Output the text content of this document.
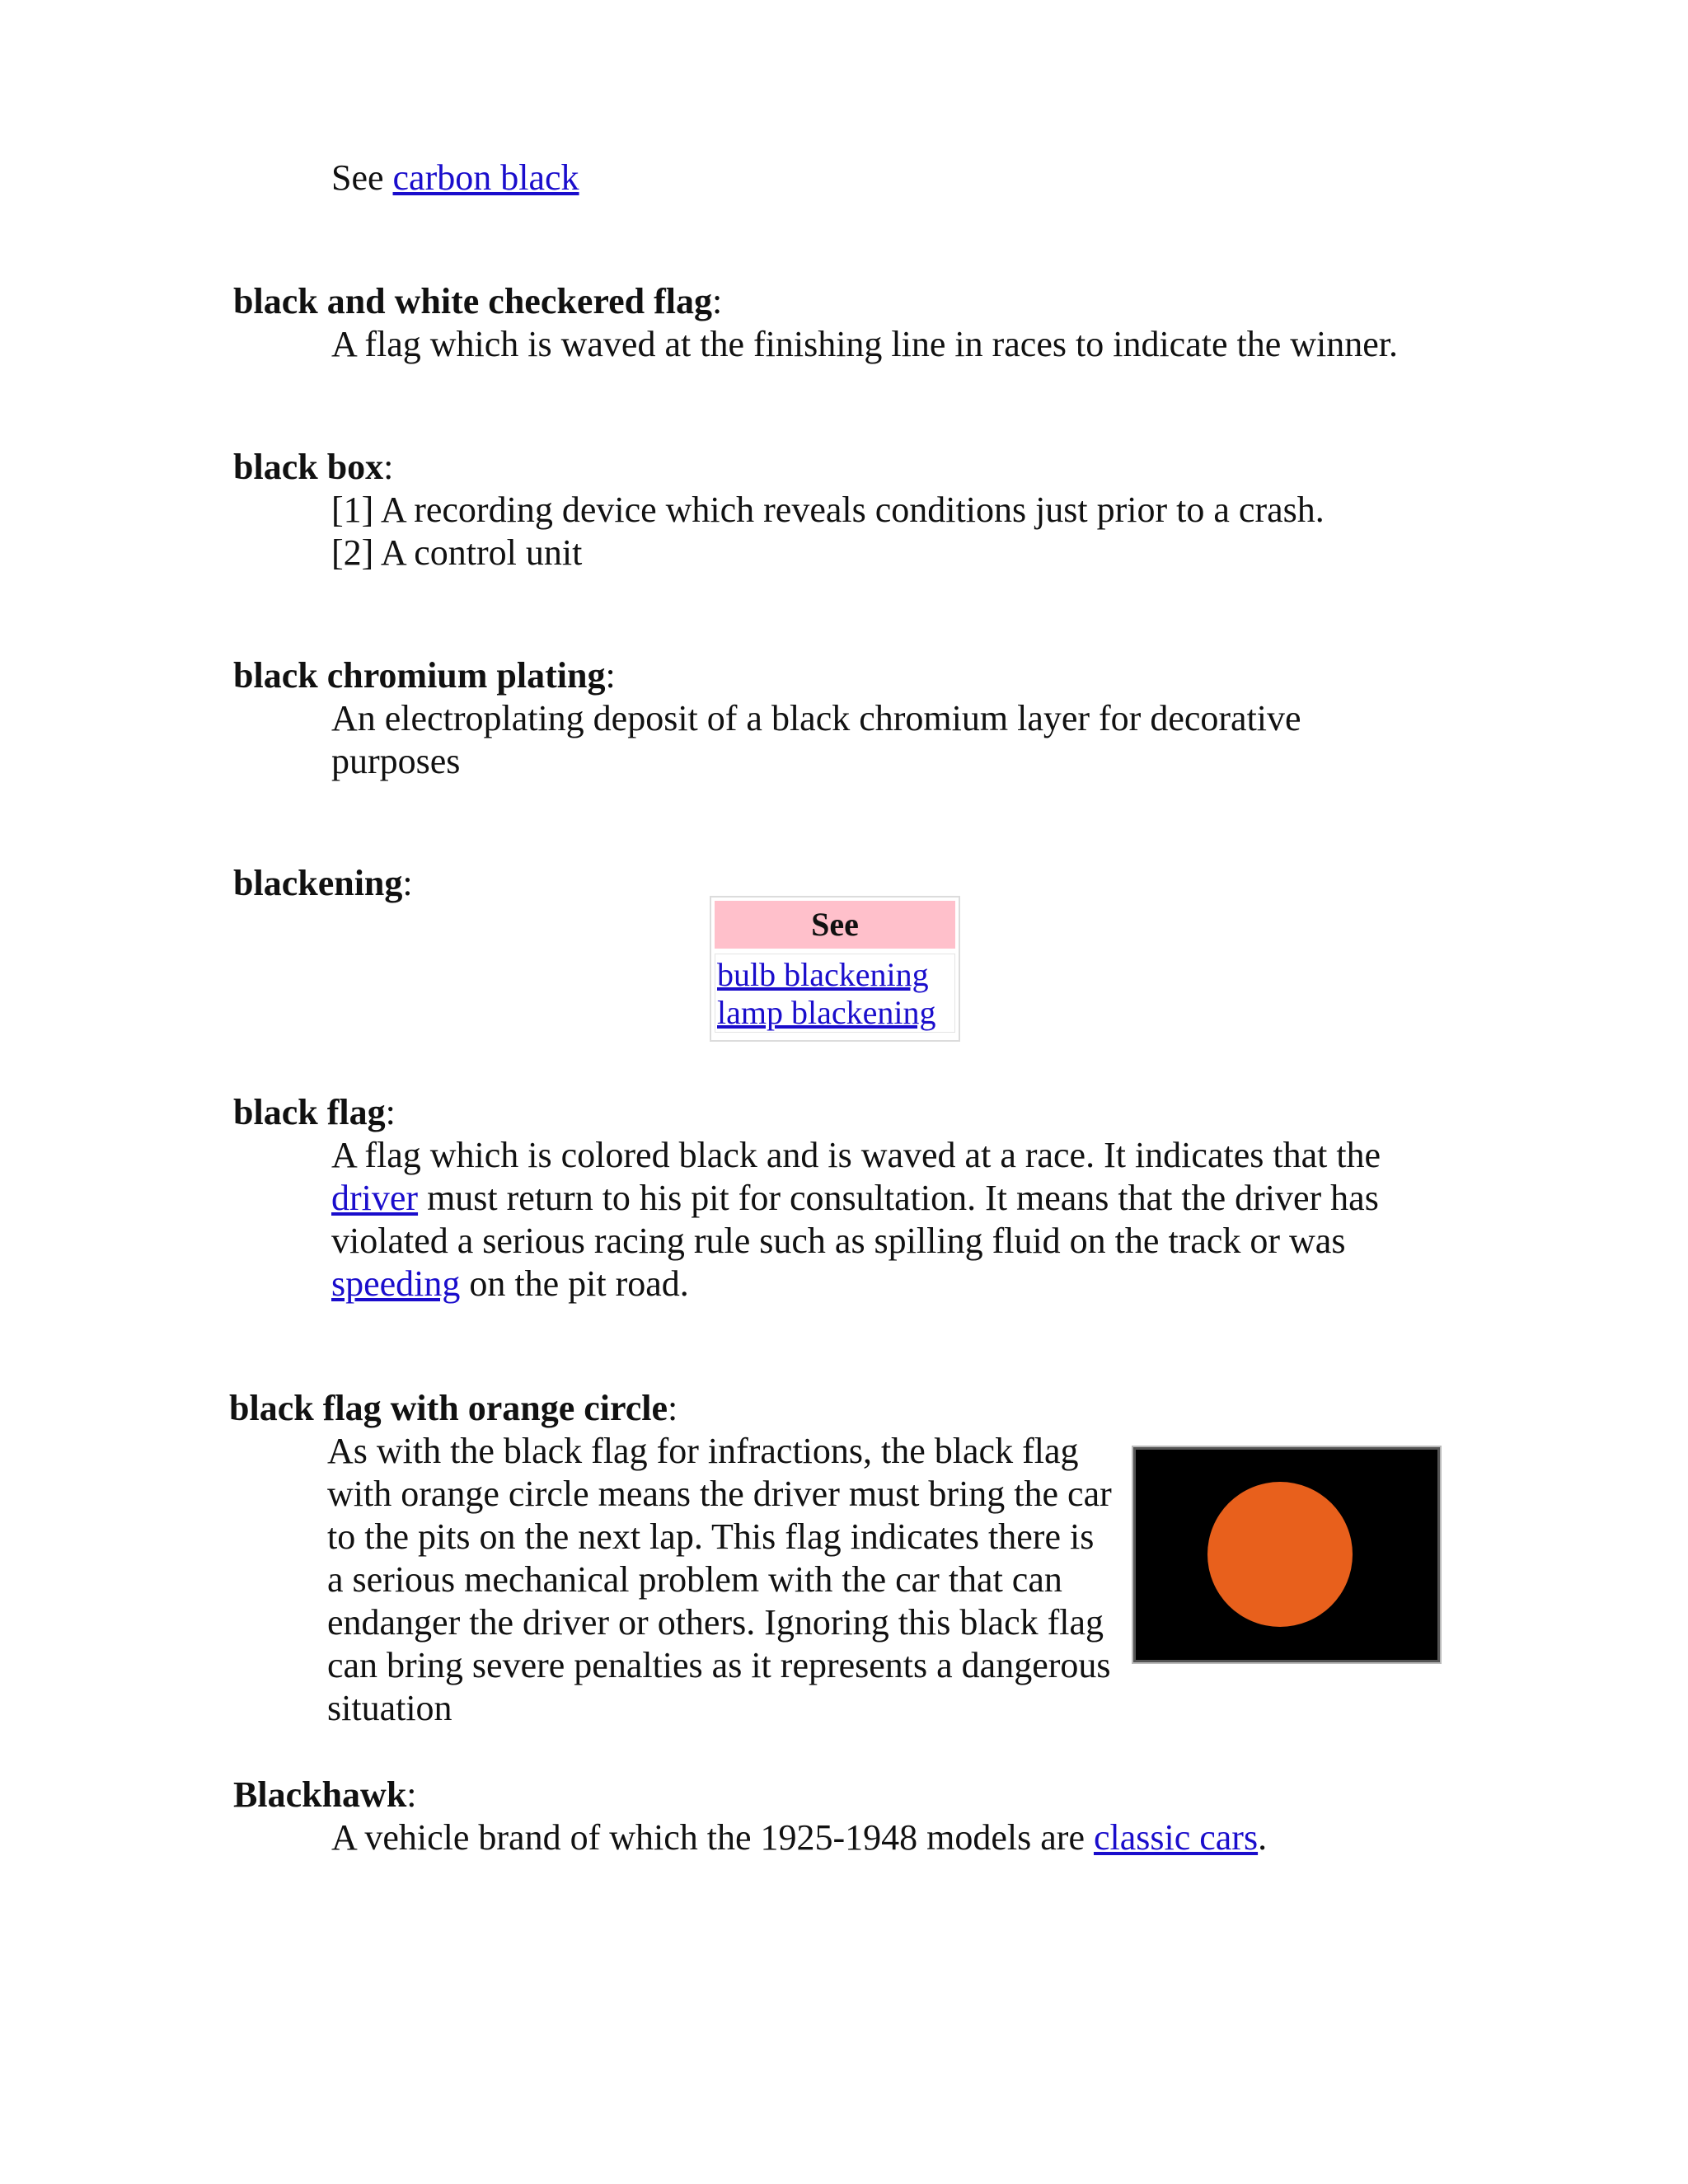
See carbon black
black and white checkered flag:
A flag which is waved at the finishing line in races to indicate the winner.
black box:
[1] A recording device which reveals conditions just prior to a crash.
[2] A control unit
black chromium plating:
An electroplating deposit of a black chromium layer for decorative
purposes
blackening:
See
bulb blackening
lamp blackening
black flag:
A flag which is colored black and is waved at a race. It indicates that the
driver must return to his pit for consultation. It means that the driver has
violated a serious racing rule such as spilling fluid on the track or was
speeding on the pit road.
black flag with orange circle:
As with the black flag for infractions, the black flag
with orange circle means the driver must bring the car
to the pits on the next lap. This flag indicates there is
a serious mechanical problem with the car that can
endanger the driver or others. Ignoring this black flag
can bring severe penalties as it represents a dangerous
situation
Blackhawk:
A vehicle brand of which the 1925-1948 models are classic cars.
